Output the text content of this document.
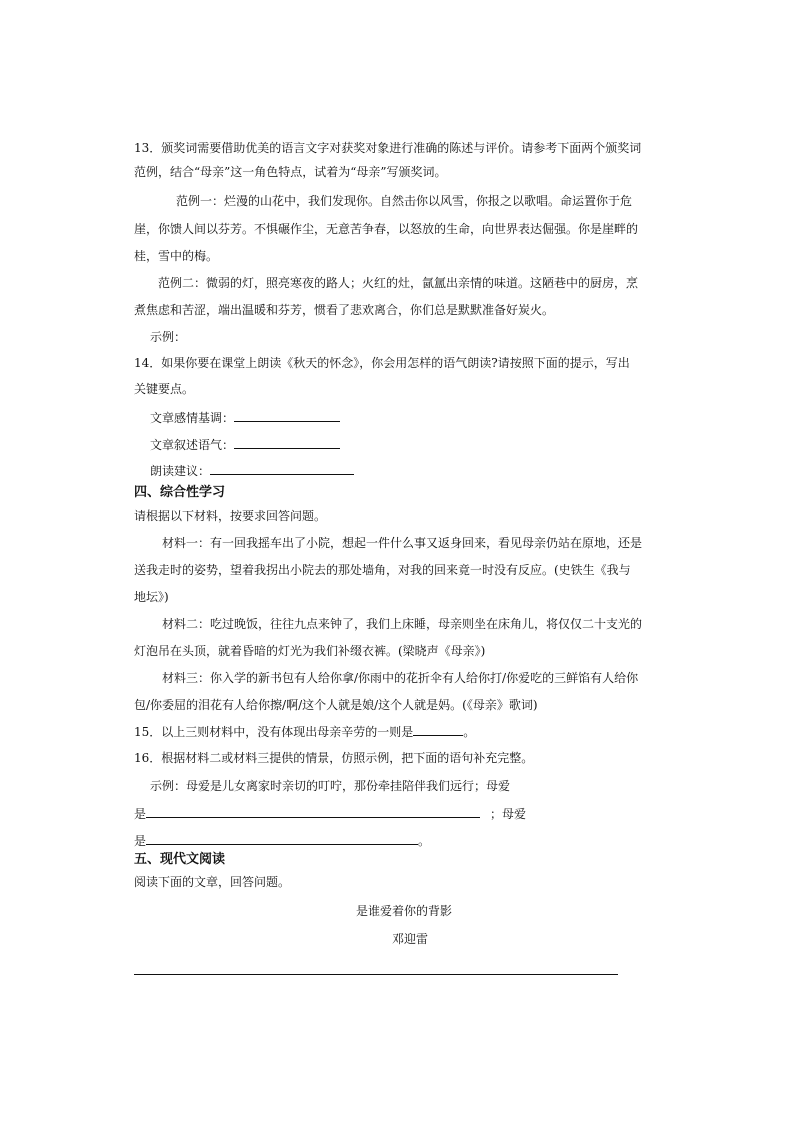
13．颁奖词需要借助优美的语言文字对获奖对象进行准确的陈述与评价。请参考下面两个颁奖词
范例，结合“母亲”这一角色特点，试着为“母亲”写颁奖词。
范例一：烂漫的山花中，我们发现你。自然击你以风雪，你报之以歌唱。命运置你于危
崖，你馈人间以芬芳。不惧碾作尘，无意苦争春，以怒放的生命，向世界表达倔强。你是崖畔的
桂，雪中的梅。
范例二：微弱的灯，照亮寒夜的路人；火红的灶，氤氲出亲情的味道。这陋巷中的厨房，烹
煮焦虑和苦涩，端出温暖和芬芳，惯看了悲欢离合，你们总是默默准备好炭火。
示例：
14．如果你要在课堂上朗读《秋天的怀念》，你会用怎样的语气朗读?请按照下面的提示，写出
关键要点。
文章感情基调：
文章叙述语气：
朗读建议：
四、综合性学习
请根据以下材料，按要求回答问题。
材料一：有一回我摇车出了小院，想起一件什么事又返身回来，看见母亲仍站在原地，还是
送我走时的姿势，望着我拐出小院去的那处墙角，对我的回来竟一时没有反应。(史铁生《我与
地坛》)
材料二：吃过晚饭，往往九点来钟了，我们上床睡，母亲则坐在床角儿，将仅仅二十支光的
灯泡吊在头顶，就着昏暗的灯光为我们补缀衣裤。(梁晓声《母亲》)
材料三：你入学的新书包有人给你拿/你雨中的花折伞有人给你打/你爱吃的三鲜馅有人给你
包/你委屈的泪花有人给你擦/啊/这个人就是娘/这个人就是妈。(《母亲》歌词)
15．以上三则材料中，没有体现出母亲辛劳的一则是	。
16．根据材料二或材料三提供的情景，仿照示例，把下面的语句补充完整。
示例：母爱是儿女离家时亲切的叮咛，那份牵挂陪伴我们远行；母爱
是	；母爱
是	。
五、现代文阅读
阅读下面的文章，回答问题。
是谁爱着你的背影
邓迎雷
